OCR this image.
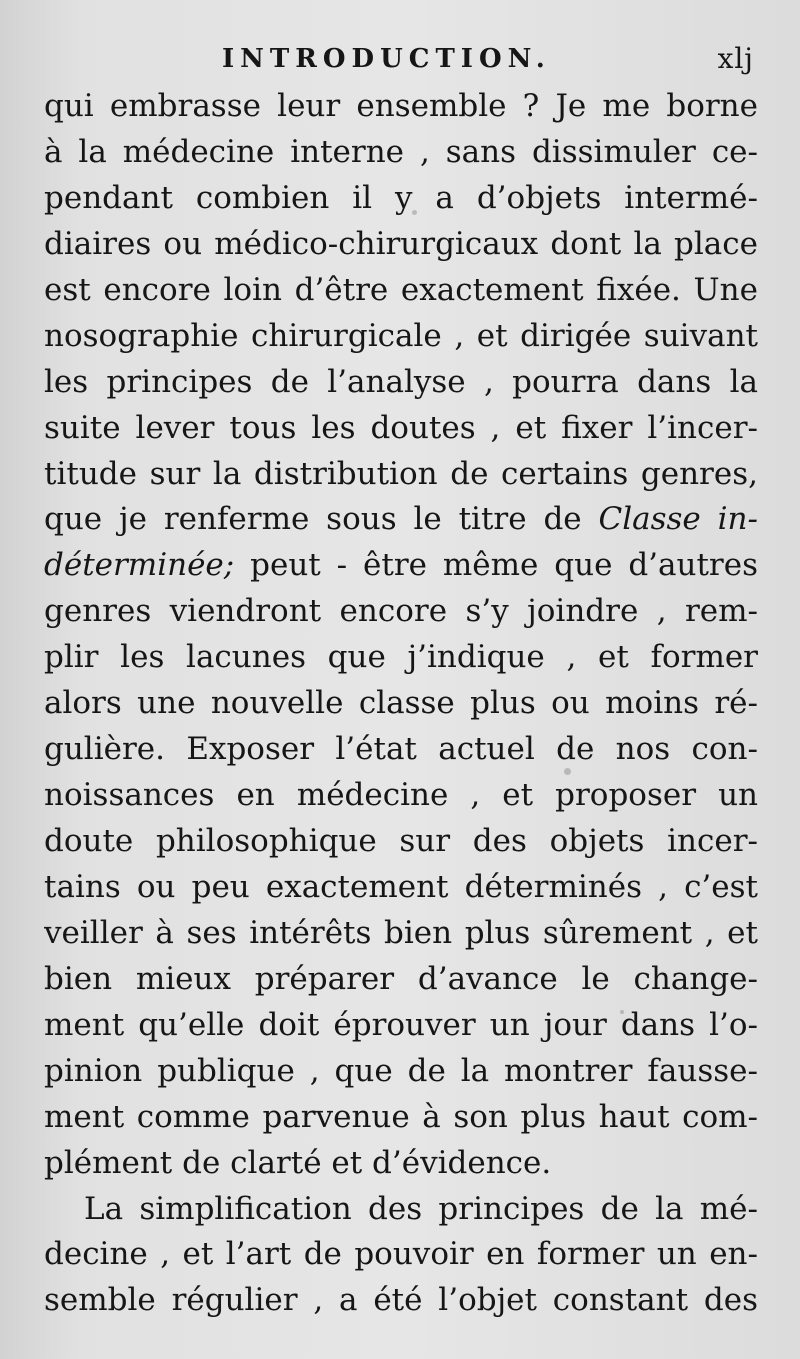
INTRODUCTION.	xlj
qui embrasse leur ensemble ? Je me borne
à la médecine interne , sans dissimuler ce-
pendant combien il y a d’objets intermé-
diaires ou médico-chirurgicaux dont la place
est encore loin d’être exactement fixée. Une
nosographie chirurgicale , et dirigée suivant
les principes de l’analyse , pourra dans la
suite lever tous les doutes , et fixer l’incer-
titude sur la distribution de certains genres,
que je renferme sous le titre de Classe in-
déterminée; peut - être même que d’autres
genres viendront encore s’y joindre , rem-
plir les lacunes que j’indique , et former
alors une nouvelle classe plus ou moins ré-
gulière. Exposer l’état actuel de nos con-
noissances en médecine , et proposer un
doute philosophique sur des objets incer-
tains ou peu exactement déterminés , c’est
veiller à ses intérêts bien plus sûrement , et
bien mieux préparer d’avance le change-
ment qu’elle doit éprouver un jour dans l’o-
pinion publique , que de la montrer fausse-
ment comme parvenue à son plus haut com-
plément de clarté et d’évidence.
La simplification des principes de la mé-
decine , et l’art de pouvoir en former un en-
semble régulier , a été l’objet constant des
